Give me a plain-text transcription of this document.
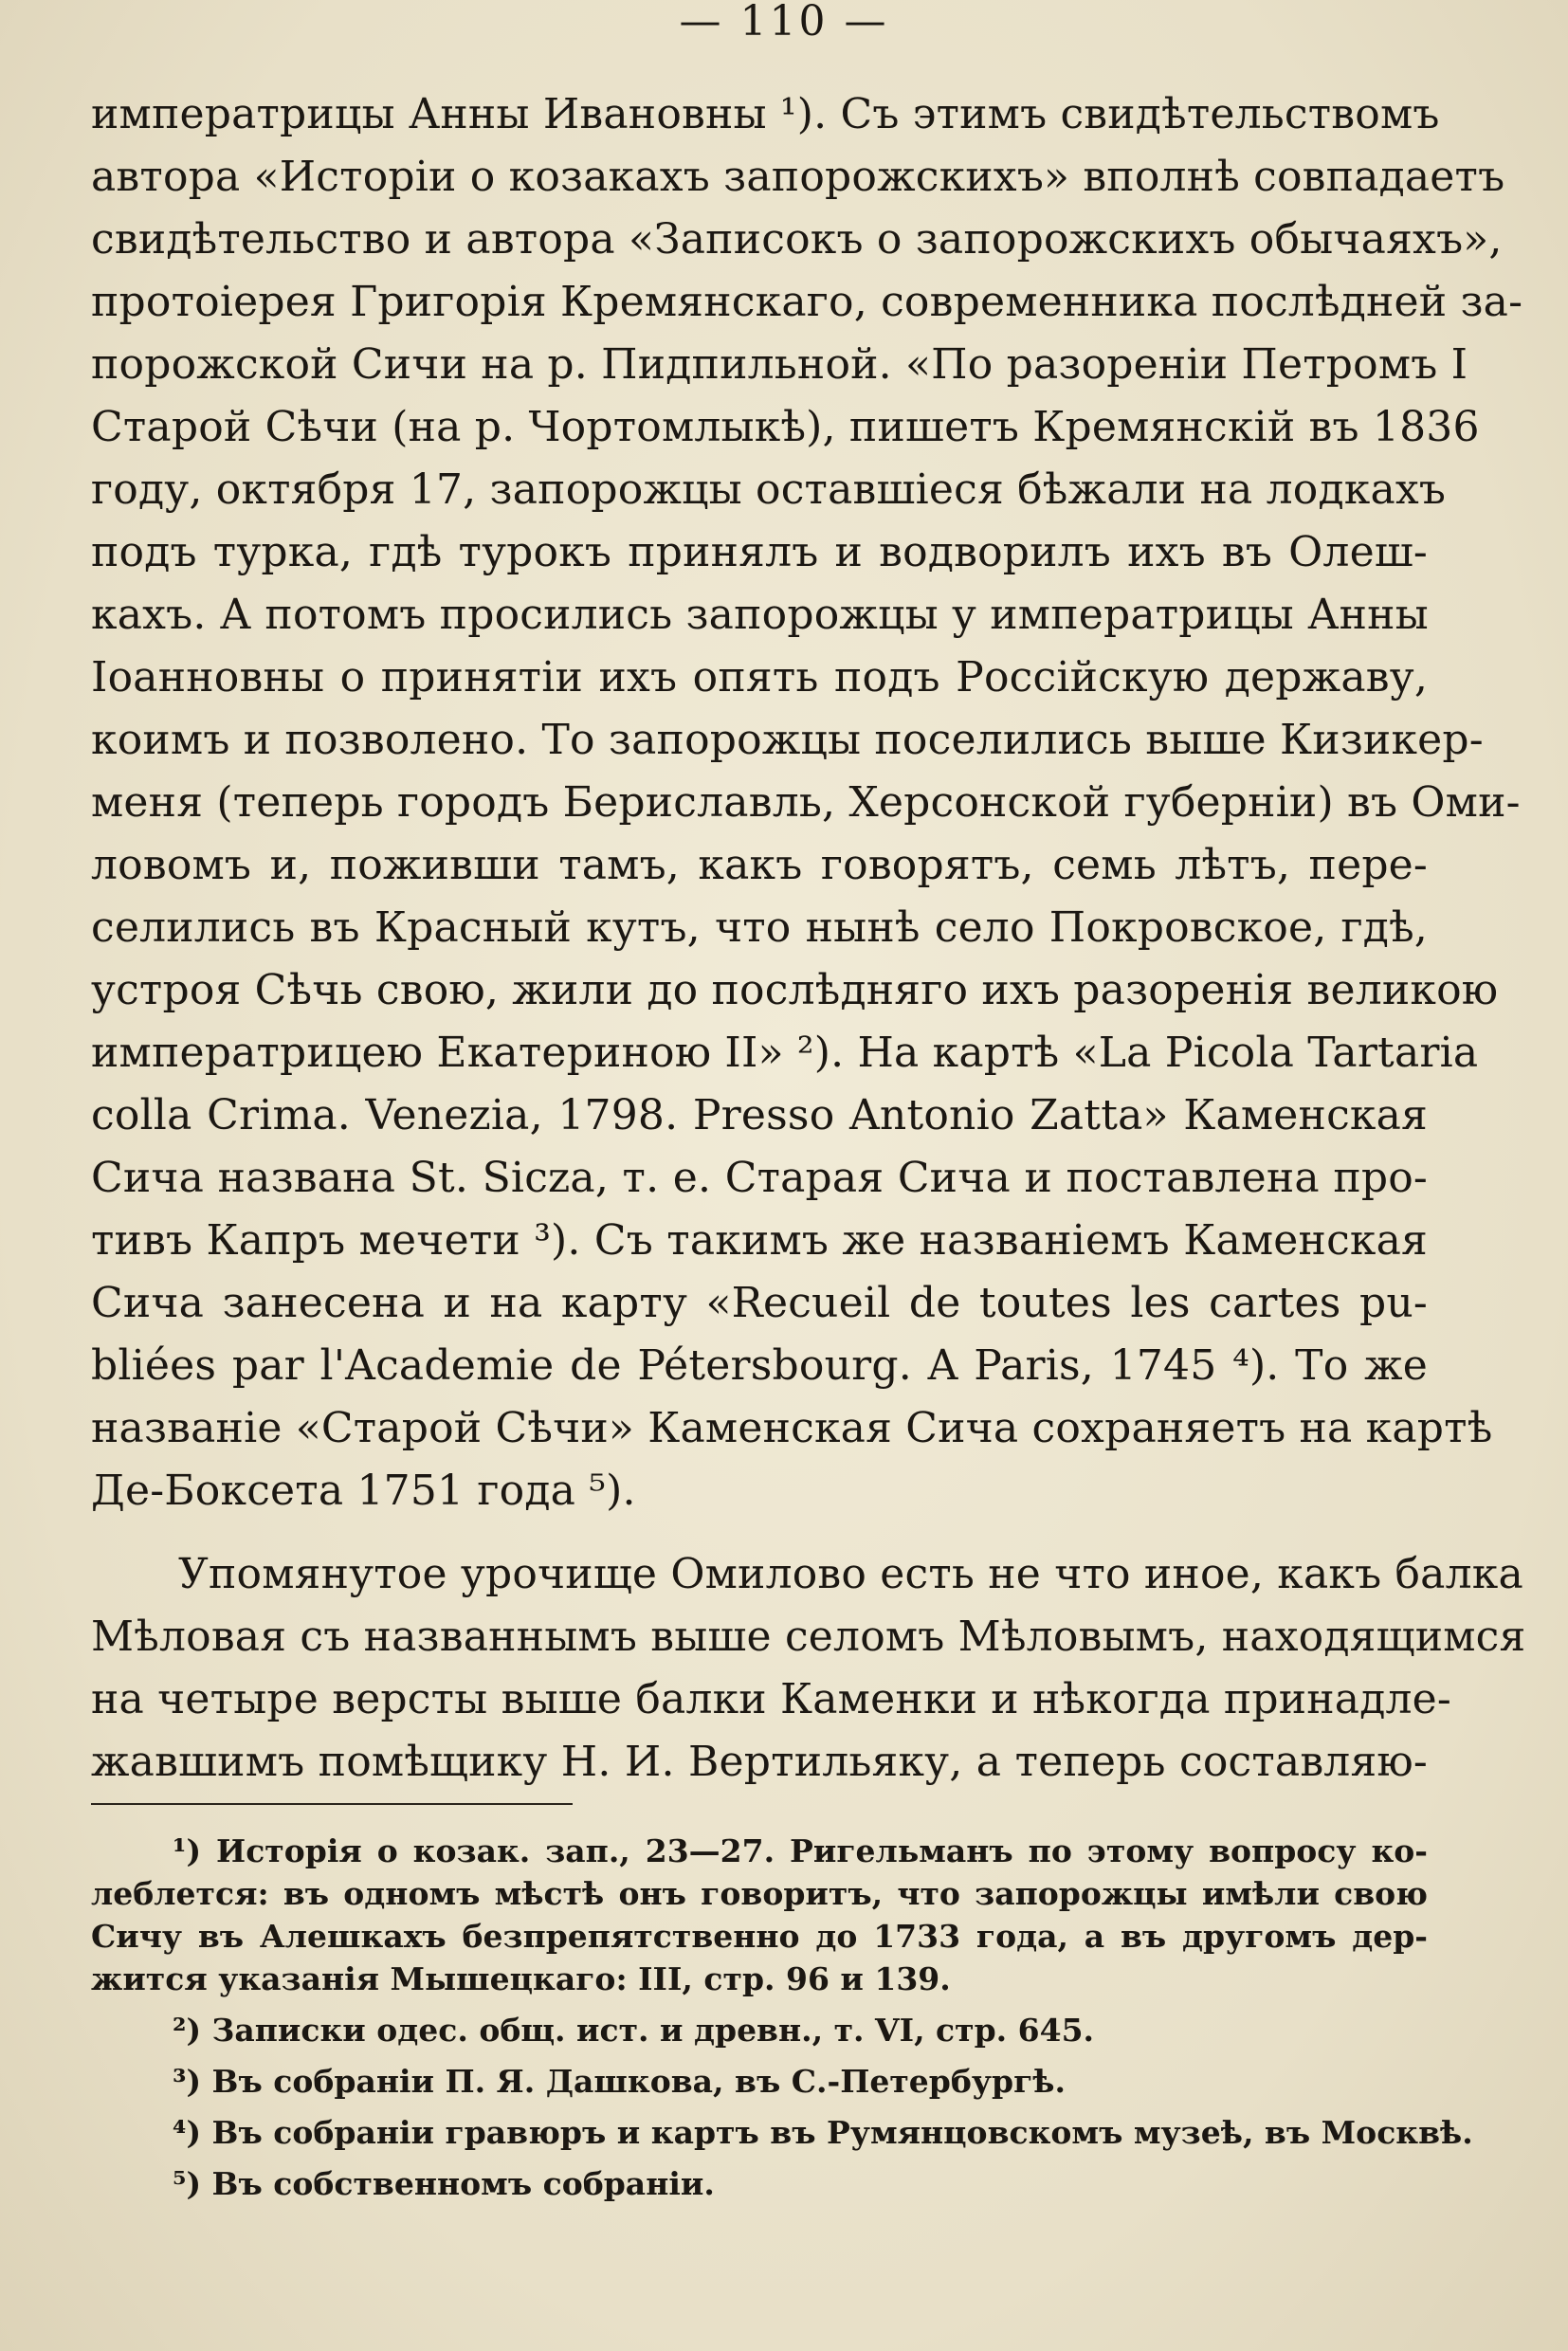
— 110 —
императрицы Анны Ивановны ¹). Съ этимъ свидѣтельствомъ
автора «Исторіи о козакахъ запорожскихъ» вполнѣ совпадаетъ
свидѣтельство и автора «Записокъ о запорожскихъ обычаяхъ»,
протоіерея Григорія Кремянскаго, современника послѣдней за-
порожской Сичи на р. Пидпильной. «По разореніи Петромъ I
Старой Сѣчи (на р. Чортомлыкѣ), пишетъ Кремянскій въ 1836
году, октября 17, запорожцы оставшіеся бѣжали на лодкахъ
подъ турка, гдѣ турокъ принялъ и водворилъ ихъ въ Олеш-
кахъ. А потомъ просились запорожцы у императрицы Анны
Іоанновны о принятіи ихъ опять подъ Россійскую державу,
коимъ и позволено. То запорожцы поселились выше Кизикер-
меня (теперь городъ Бериславль, Херсонской губерніи) въ Оми-
ловомъ и, поживши тамъ, какъ говорятъ, семь лѣтъ, пере-
селились въ Красный кутъ, что нынѣ село Покровское, гдѣ,
устроя Сѣчь свою, жили до послѣдняго ихъ разоренія великою
императрицею Екатериною II» ²). На картѣ «La Picola Tartaria
colla Crima. Venezia, 1798. Presso Antonio Zatta» Каменская
Сича названа St. Sicza, т. е. Старая Сича и поставлена про-
тивъ Капръ мечети ³). Съ такимъ же названіемъ Каменская
Сича занесена и на карту «Recueil de toutes les cartes pu-
bliées par l'Academie de Pétersbourg. A Paris, 1745 ⁴). То же
названіе «Старой Сѣчи» Каменская Сича сохраняетъ на картѣ
Де-Боксета 1751 года ⁵).
Упомянутое урочище Омилово есть не что иное, какъ балка
Мѣловая съ названнымъ выше селомъ Мѣловымъ, находящимся
на четыре версты выше балки Каменки и нѣкогда принадле-
жавшимъ помѣщику Н. И. Вертильяку, а теперь составляю-
¹) Исторія о козак. зап., 23—27. Ригельманъ по этому вопросу ко-
леблется: въ одномъ мѣстѣ онъ говоритъ, что запорожцы имѣли свою
Сичу въ Алешкахъ безпрепятственно до 1733 года, а въ другомъ дер-
жится указанія Мышецкаго: III, стр. 96 и 139.
²) Записки одес. общ. ист. и древн., т. VI, стр. 645.
³) Въ собраніи П. Я. Дашкова, въ С.-Петербургѣ.
⁴) Въ собраніи гравюръ и картъ въ Румянцовскомъ музеѣ, въ Москвѣ.
⁵) Въ собственномъ собраніи.
